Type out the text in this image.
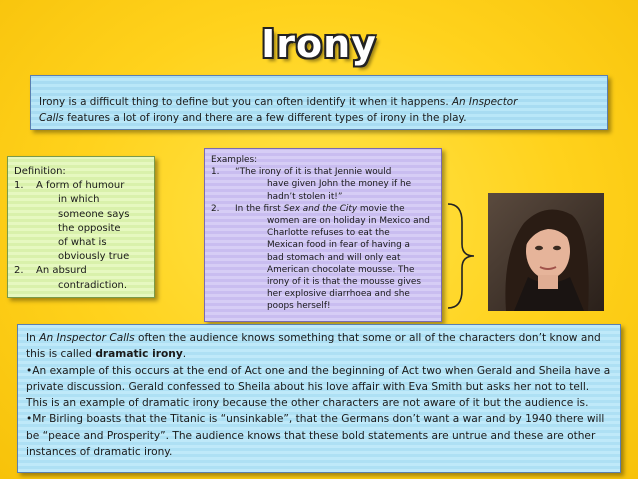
Irony
Irony is a difficult thing to define but you can often identify it when it happens. An Inspector
Calls features a lot of irony and there are a few different types of irony in the play.
Definition:
1.	A form of humour
in which
someone says
the opposite
of what is
obviously true
2.	An absurd
contradiction.
Examples:
1.	“The irony of it is that Jennie would
have given John the money if he
hadn’t stolen it!”
2.	In the first Sex and the City movie the
women are on holiday in Mexico and
Charlotte refuses to eat the
Mexican food in fear of having a
bad stomach and will only eat
American chocolate mousse. The
irony of it is that the mousse gives
her explosive diarrhoea and she
poops herself!

In An Inspector Calls often the audience knows something that some or all of the characters don’t know and this is called dramatic irony.

•An example of this occurs at the end of Act one and the beginning of Act two when Gerald and Sheila have a private discussion. Gerald confessed to Sheila about his love affair with Eva Smith but asks her not to tell. This is an example of dramatic irony because the other characters are not aware of it but the audience is.

•Mr Birling boasts that the Titanic is “unsinkable”, that the Germans don’t want a war and by 1940 there will be “peace and Prosperity”. The audience knows that these bold statements are untrue and these are other instances of dramatic irony.
